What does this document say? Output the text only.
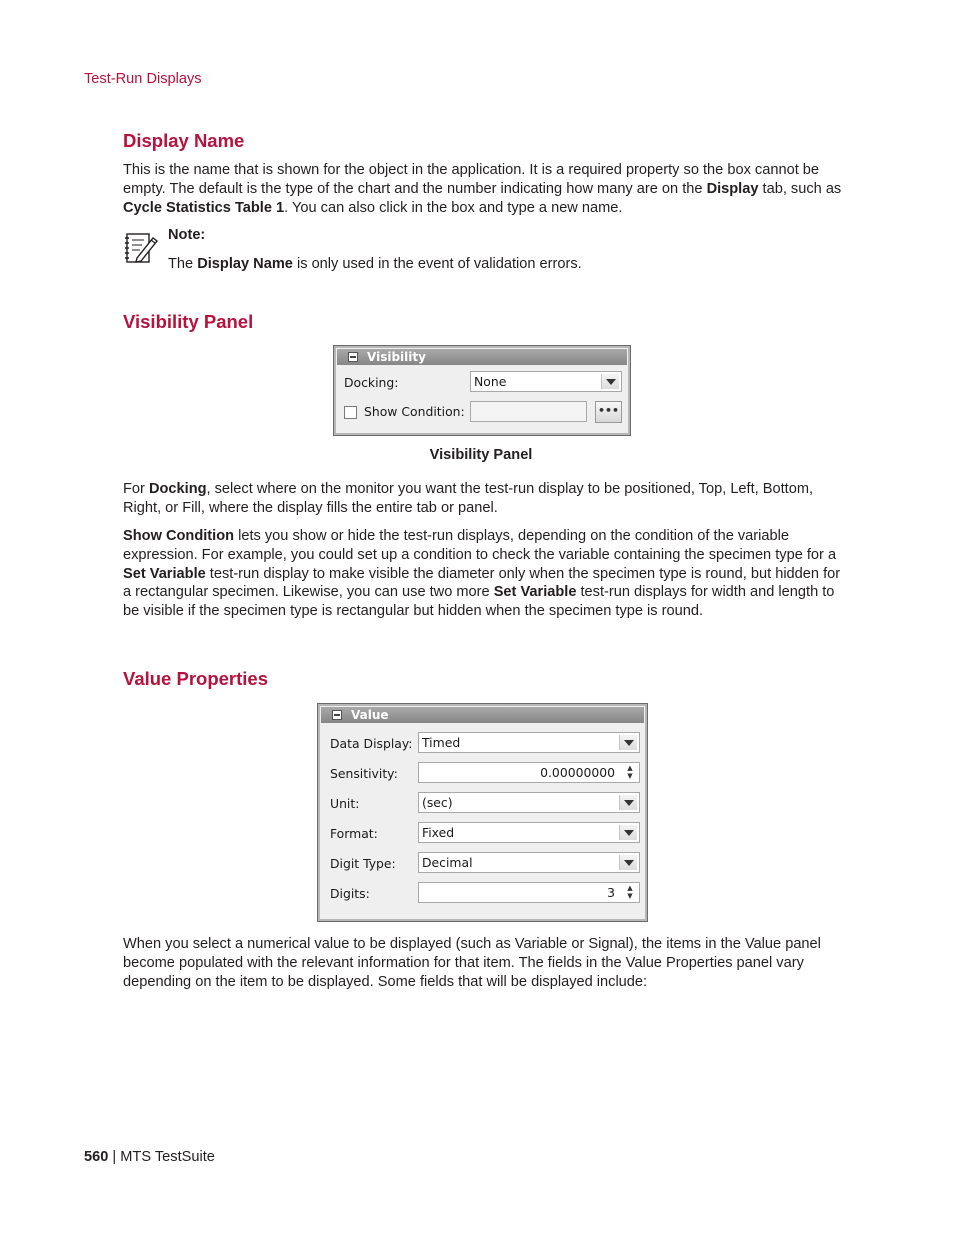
Test-Run Displays
Display Name

This is the name that is shown for the object in the application. It is a required property so the box cannot be empty. The default is the type of the chart and the number indicating how many are on the Display tab, such as Cycle Statistics Table 1. You can also click in the box and type a new name.

Note:

The Display Name is only used in the event of validation errors.

Visibility Panel
Visibility
Docking:	None
Show Condition:	•••
Visibility Panel

For Docking, select where on the monitor you want the test-run display to be positioned, Top, Left, Bottom, Right, or Fill, where the display fills the entire tab or panel.

Show Condition lets you show or hide the test-run displays, depending on the condition of the variable expression. For example, you could set up a condition to check the variable containing the specimen type for a Set Variable test-run display to make visible the diameter only when the specimen type is round, but hidden for a rectangular specimen. Likewise, you can use two more Set Variable test-run displays for width and length to be visible if the specimen type is rectangular but hidden when the specimen type is round.

Value Properties
Value
Data Display: Timed
Sensitivity:	0.00000000	▲
▼
Unit:	(sec)
Format:	Fixed
Digit Type:	Decimal
Digits:	3	▲
▼

When you select a numerical value to be displayed (such as Variable or Signal), the items in the Value panel become populated with the relevant information for that item. The fields in the Value Properties panel vary depending on the item to be displayed. Some fields that will be displayed include:

560 | MTS TestSuite
